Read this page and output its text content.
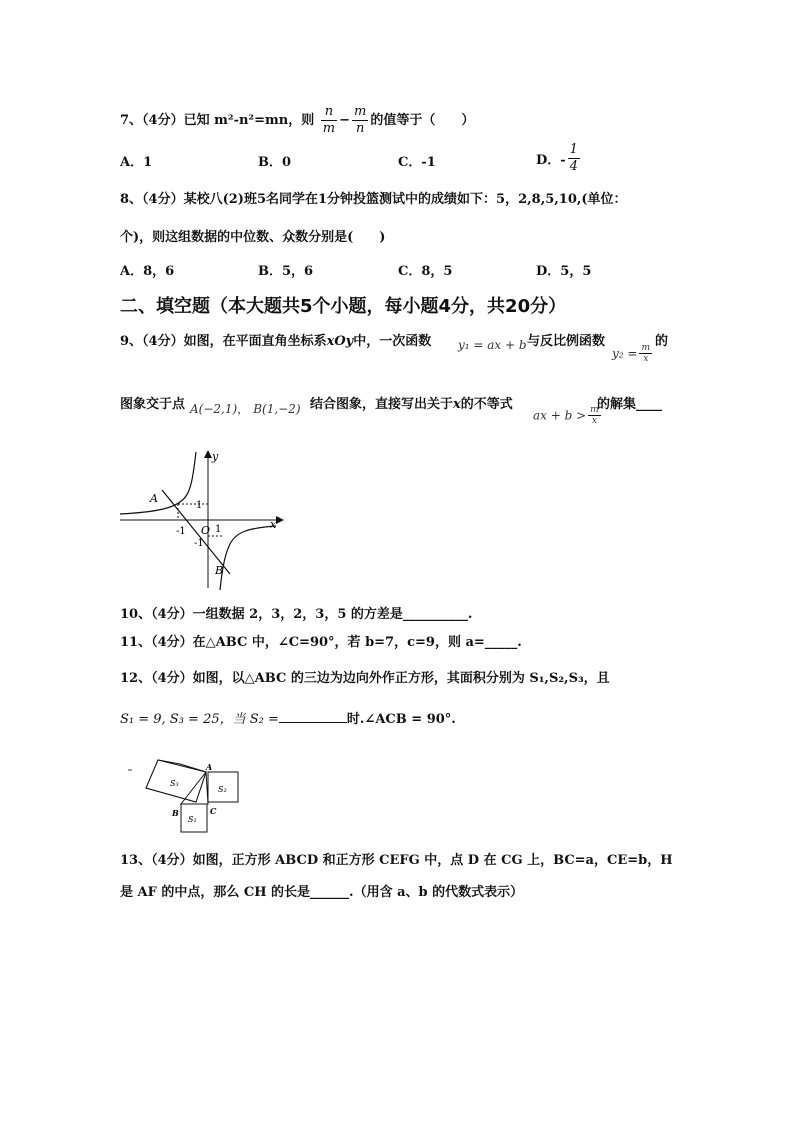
7、（4分）已知 m²-n²=mn，则 $\frac{n}{m} - \frac{m}{n}$ 的值等于（　　）
A．1	B．0	C．-1	D．- $\frac{1}{4}$
8、（4分）某校八(2)班5名同学在1分钟投篮测试中的成绩如下：5，2,8,5,10,(单位：
个)，则这组数据的中位数、众数分别是(　　)
A．8，6	B．5，6	C．8，5	D．5，5
二、填空题（本大题共5个小题，每小题4分，共20分）
9、（4分）如图，在平面直角坐标系xOy中，一次函数 y₁ = ax + b 与反比例函数
$y_2 = \frac{m}{x}$
的
图象交于点 A(−2,1)， B(1,−2) 结合图象，直接写出关于x的不等式
ax + $b > \frac{m}{x}$
的解集____
y
x
O
A
B
1
-1	1
-1
10、（4分）一组数据 2，3，2，3，5 的方差是__________.
11、（4分）在△ABC 中，∠C=90°，若 b=7，c=9，则 a=_____.
12、（4分）如图，以△ABC 的三边为边向外作正方形，其面积分别为 S₁,S₂,S₃，且
S₁ = 9, S₃ = 25，当 S₂ =	时.∠ACB = 90°.
A
B	C
S₃
S₂
S₁
13、（4分）如图，正方形 ABCD 和正方形 CEFG 中，点 D 在 CG 上，BC=a，CE=b，H
是 AF 的中点，那么 CH 的长是______.（用含 a、b 的代数式表示）
